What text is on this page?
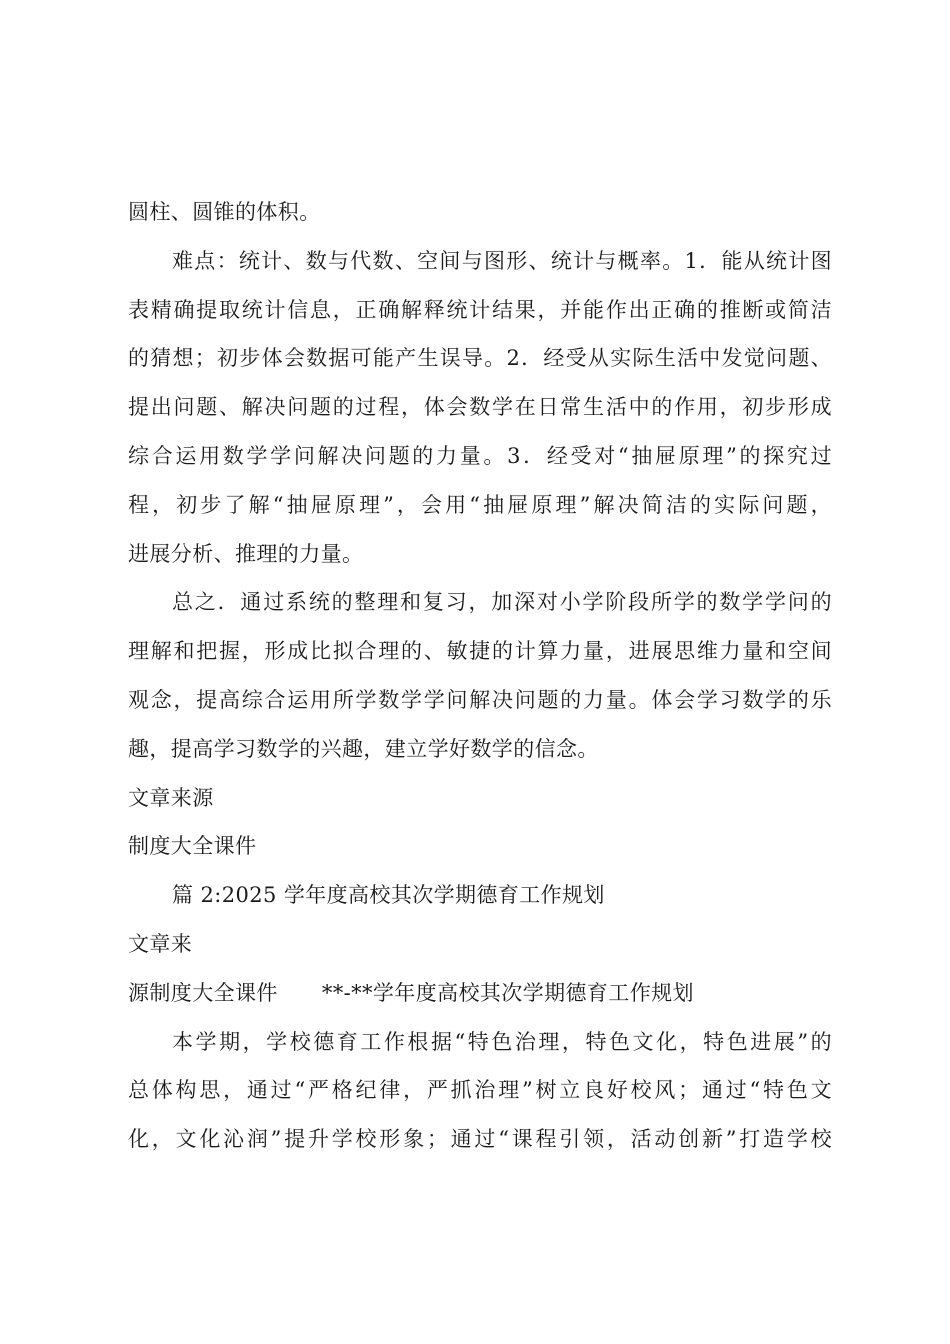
圆柱、圆锥的体积。
难点：统计、数与代数、空间与图形、统计与概率。1．能从统计图
表精确提取统计信息，正确解释统计结果，并能作出正确的推断或简洁
的猜想；初步体会数据可能产生误导。2．经受从实际生活中发觉问题、
提出问题、解决问题的过程，体会数学在日常生活中的作用，初步形成
综合运用数学学问解决问题的力量。3．经受对“抽屉原理”的探究过
程，初步了解“抽屉原理”，会用“抽屉原理”解决简洁的实际问题，
进展分析、推理的力量。
总之．通过系统的整理和复习，加深对小学阶段所学的数学学问的
理解和把握，形成比拟合理的、敏捷的计算力量，进展思维力量和空间
观念，提高综合运用所学数学学问解决问题的力量。体会学习数学的乐
趣，提高学习数学的兴趣，建立学好数学的信念。
文章来源
制度大全课件
篇 2:2025 学年度高校其次学期德育工作规划
文章来
源制度大全课件 **-**学年度高校其次学期德育工作规划
本学期，学校德育工作根据“特色治理，特色文化，特色进展”的
总体构思，通过“严格纪律，严抓治理”树立良好校风；通过“特色文
化，文化沁润”提升学校形象；通过“课程引领，活动创新”打造学校
